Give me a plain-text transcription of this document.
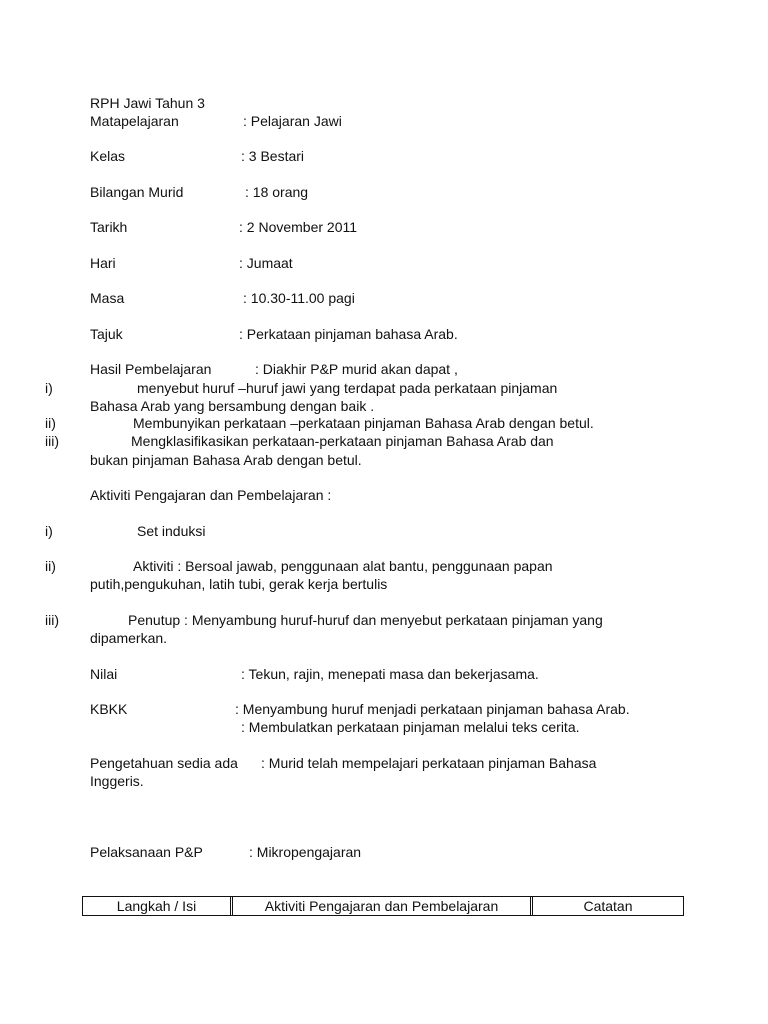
RPH Jawi Tahun 3
Matapelajaran	: Pelajaran Jawi
Kelas	: 3 Bestari
Bilangan Murid	: 18 orang
Tarikh	: 2 November 2011
Hari	: Jumaat
Masa	: 10.30-11.00 pagi
Tajuk	: Perkataan pinjaman bahasa Arab.
Hasil Pembelajaran	: Diakhir P&P murid akan dapat ,
i)	menyebut huruf –huruf jawi yang terdapat pada perkataan pinjaman
Bahasa Arab yang bersambung dengan baik .
ii)	Membunyikan perkataan –perkataan pinjaman Bahasa Arab dengan betul.
iii)	Mengklasifikasikan perkataan-perkataan pinjaman Bahasa Arab dan
bukan pinjaman Bahasa Arab dengan betul.
Aktiviti Pengajaran dan Pembelajaran :
i)	Set induksi
ii)	Aktiviti : Bersoal jawab, penggunaan alat bantu, penggunaan papan
putih,pengukuhan, latih tubi, gerak kerja bertulis
iii)	Penutup : Menyambung huruf-huruf dan menyebut perkataan pinjaman yang
dipamerkan.
Nilai	: Tekun, rajin, menepati masa dan bekerjasama.
KBKK	: Menyambung huruf menjadi perkataan pinjaman bahasa Arab.
: Membulatkan perkataan pinjaman melalui teks cerita.
Pengetahuan sedia ada : Murid telah mempelajari perkataan pinjaman Bahasa
Inggeris.
Pelaksanaan P&P	: Mikropengajaran
Langkah / Isi	Aktiviti Pengajaran dan Pembelajaran	Catatan
